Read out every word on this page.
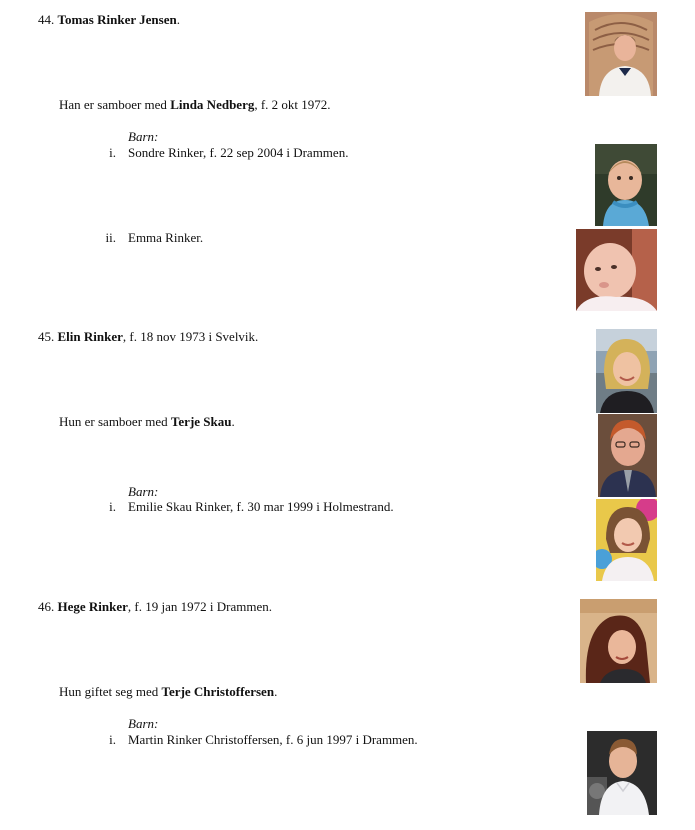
44. Tomas Rinker Jensen.
Han er samboer med Linda Nedberg, f. 2 okt 1972.
Barn:
i. Sondre Rinker, f. 22 sep 2004 i Drammen.
ii. Emma Rinker.
45. Elin Rinker, f. 18 nov 1973 i Svelvik.
Hun er samboer med Terje Skau.
Barn:
i. Emilie Skau Rinker, f. 30 mar 1999 i Holmestrand.
46. Hege Rinker, f. 19 jan 1972 i Drammen.
Hun giftet seg med Terje Christoffersen.
Barn:
i. Martin Rinker Christoffersen, f. 6 jun 1997 i Drammen.
